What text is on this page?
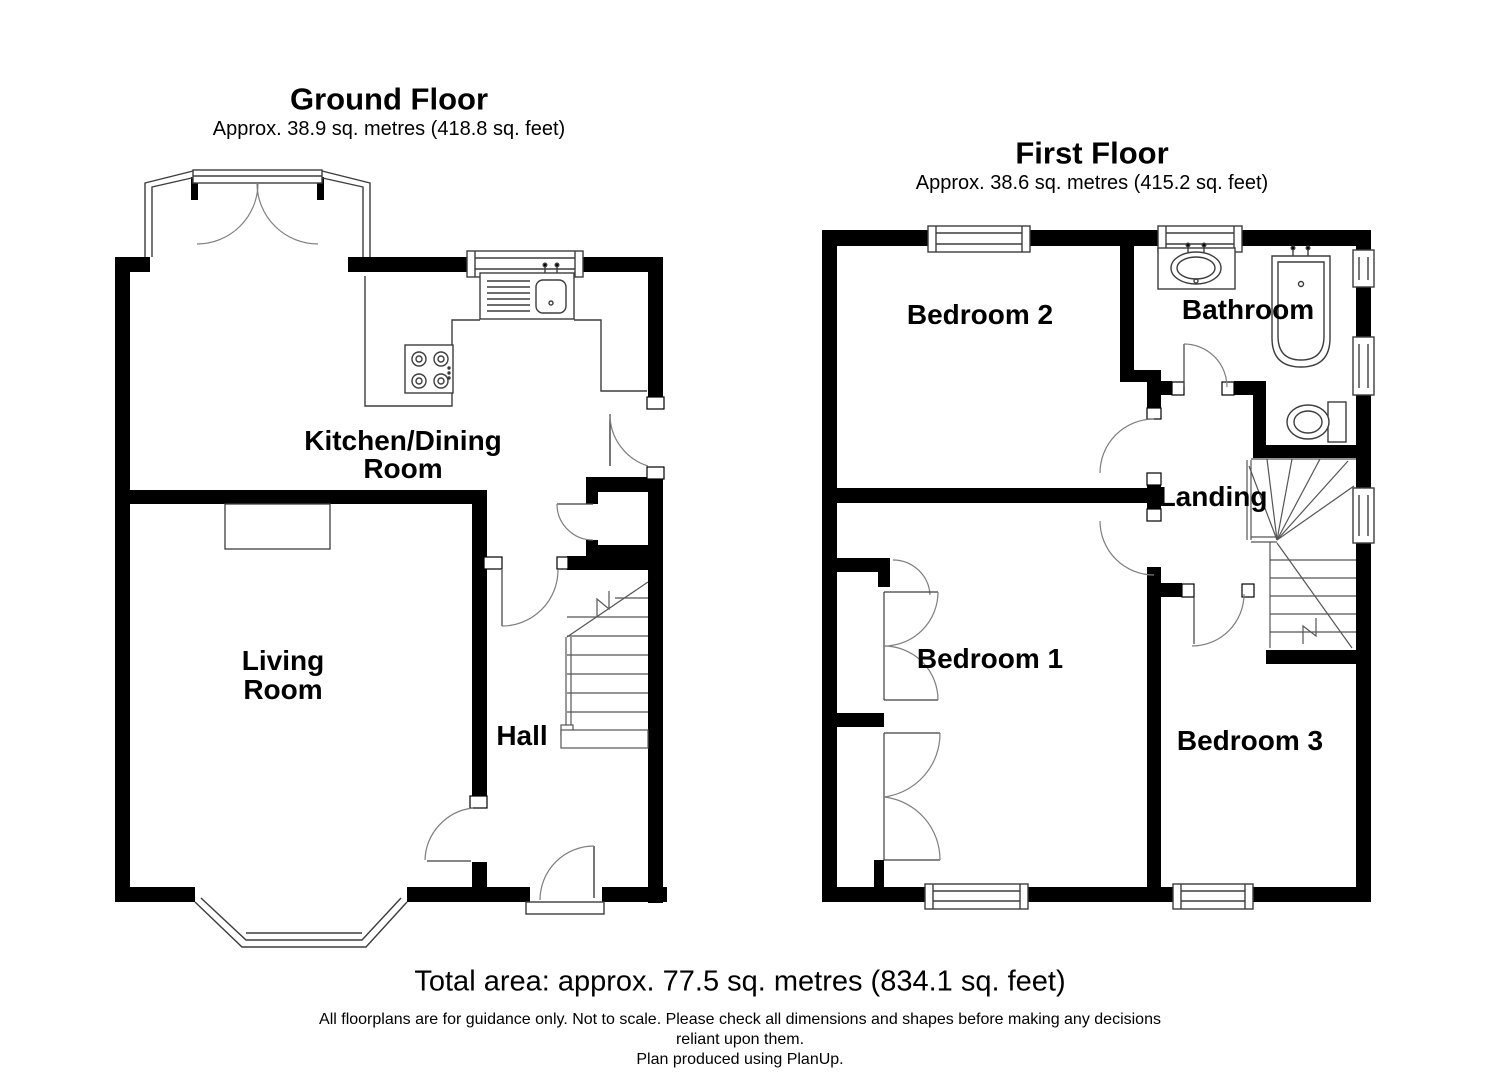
Ground Floor
Approx. 38.9 sq. metres (418.8 sq. feet)
First Floor
Approx. 38.6 sq. metres (415.2 sq. feet)
Kitchen/Dining
Room
Living
Room
Hall
Bedroom 2	Bathroom
Landing
Bedroom 1
Bedroom 3
Total area: approx. 77.5 sq. metres (834.1 sq. feet)
All floorplans are for guidance only. Not to scale. Please check all dimensions and shapes before making any decisions
reliant upon them.
Plan produced using PlanUp.
